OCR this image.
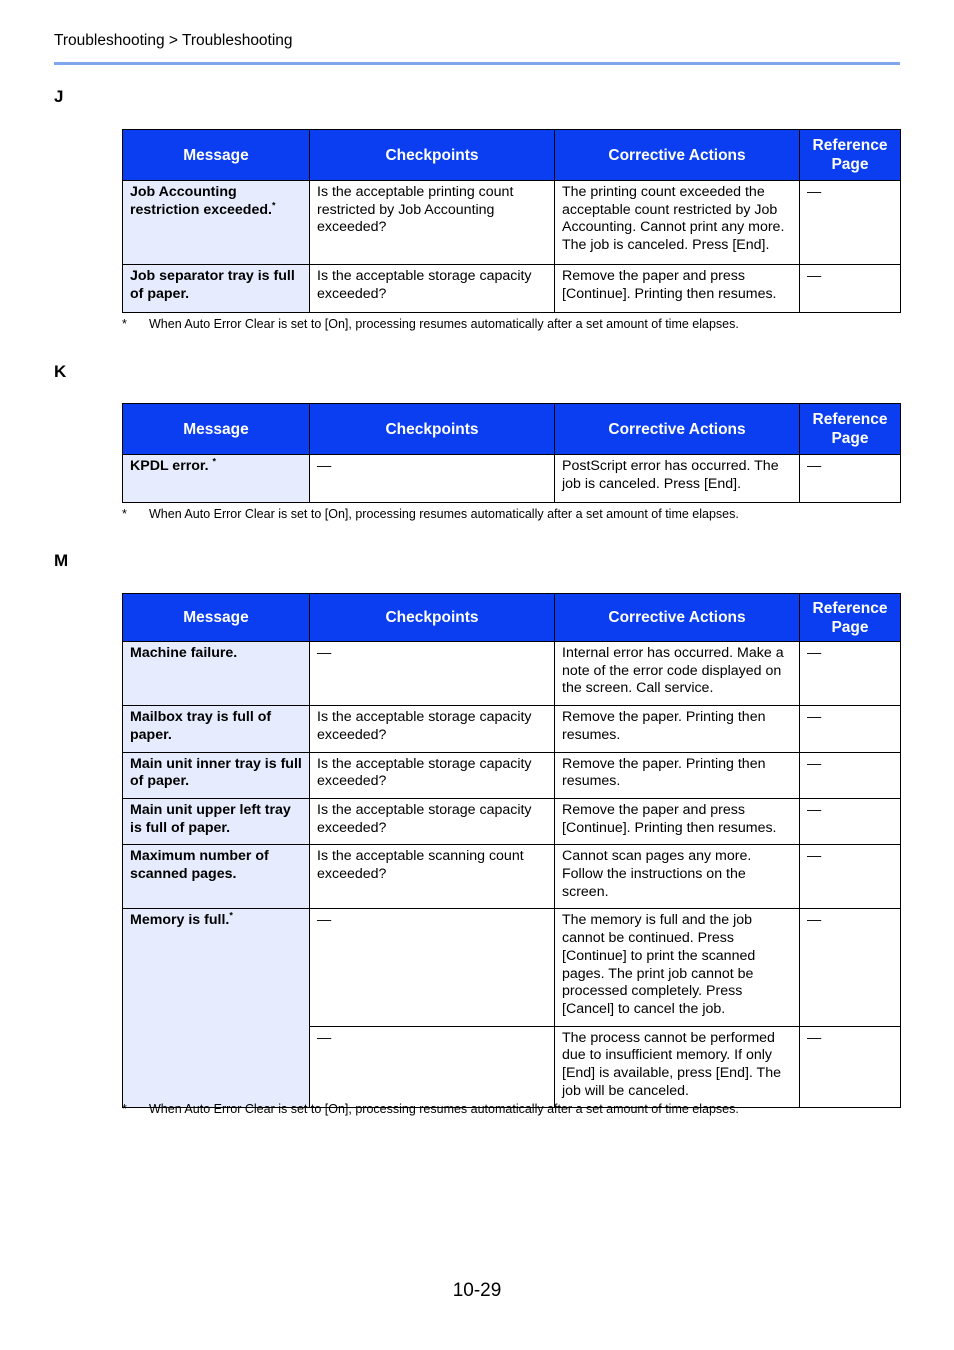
Troubleshooting > Troubleshooting
J
Message	Checkpoints	Corrective Actions	Reference
Page
Job Accounting restriction exceeded.*	Is the acceptable printing count restricted by Job Accounting exceeded?	The printing count exceeded the acceptable count restricted by Job Accounting. Cannot print any more. The job is canceled. Press [End].	—
Job separator tray is full of paper.	Is the acceptable storage capacity exceeded?	Remove the paper and press [Continue]. Printing then resumes.	—
* When Auto Error Clear is set to [On], processing resumes automatically after a set amount of time elapses.
K
Message	Checkpoints	Corrective Actions	Reference
Page
KPDL error. *	—	PostScript error has occurred. The job is canceled. Press [End].	—
* When Auto Error Clear is set to [On], processing resumes automatically after a set amount of time elapses.
M
Message	Checkpoints	Corrective Actions	Reference
Page
Machine failure.	—	Internal error has occurred. Make a note of the error code displayed on the screen. Call service.	—
Mailbox tray is full of paper.	Is the acceptable storage capacity exceeded?	Remove the paper. Printing then resumes.	—
Main unit inner tray is full of paper.	Is the acceptable storage capacity exceeded?	Remove the paper. Printing then resumes.	—
Main unit upper left tray is full of paper.	Is the acceptable storage capacity exceeded?	Remove the paper and press [Continue]. Printing then resumes.	—
Maximum number of scanned pages.	Is the acceptable scanning count exceeded?	Cannot scan pages any more. Follow the instructions on the screen.	—
Memory is full.*	—	The memory is full and the job cannot be continued. Press [Continue] to print the scanned pages. The print job cannot be processed completely. Press [Cancel] to cancel the job.	—
	—	The process cannot be performed due to insufficient memory. If only [End] is available, press [End]. The job will be canceled.	—
* When Auto Error Clear is set to [On], processing resumes automatically after a set amount of time elapses.
10-29
